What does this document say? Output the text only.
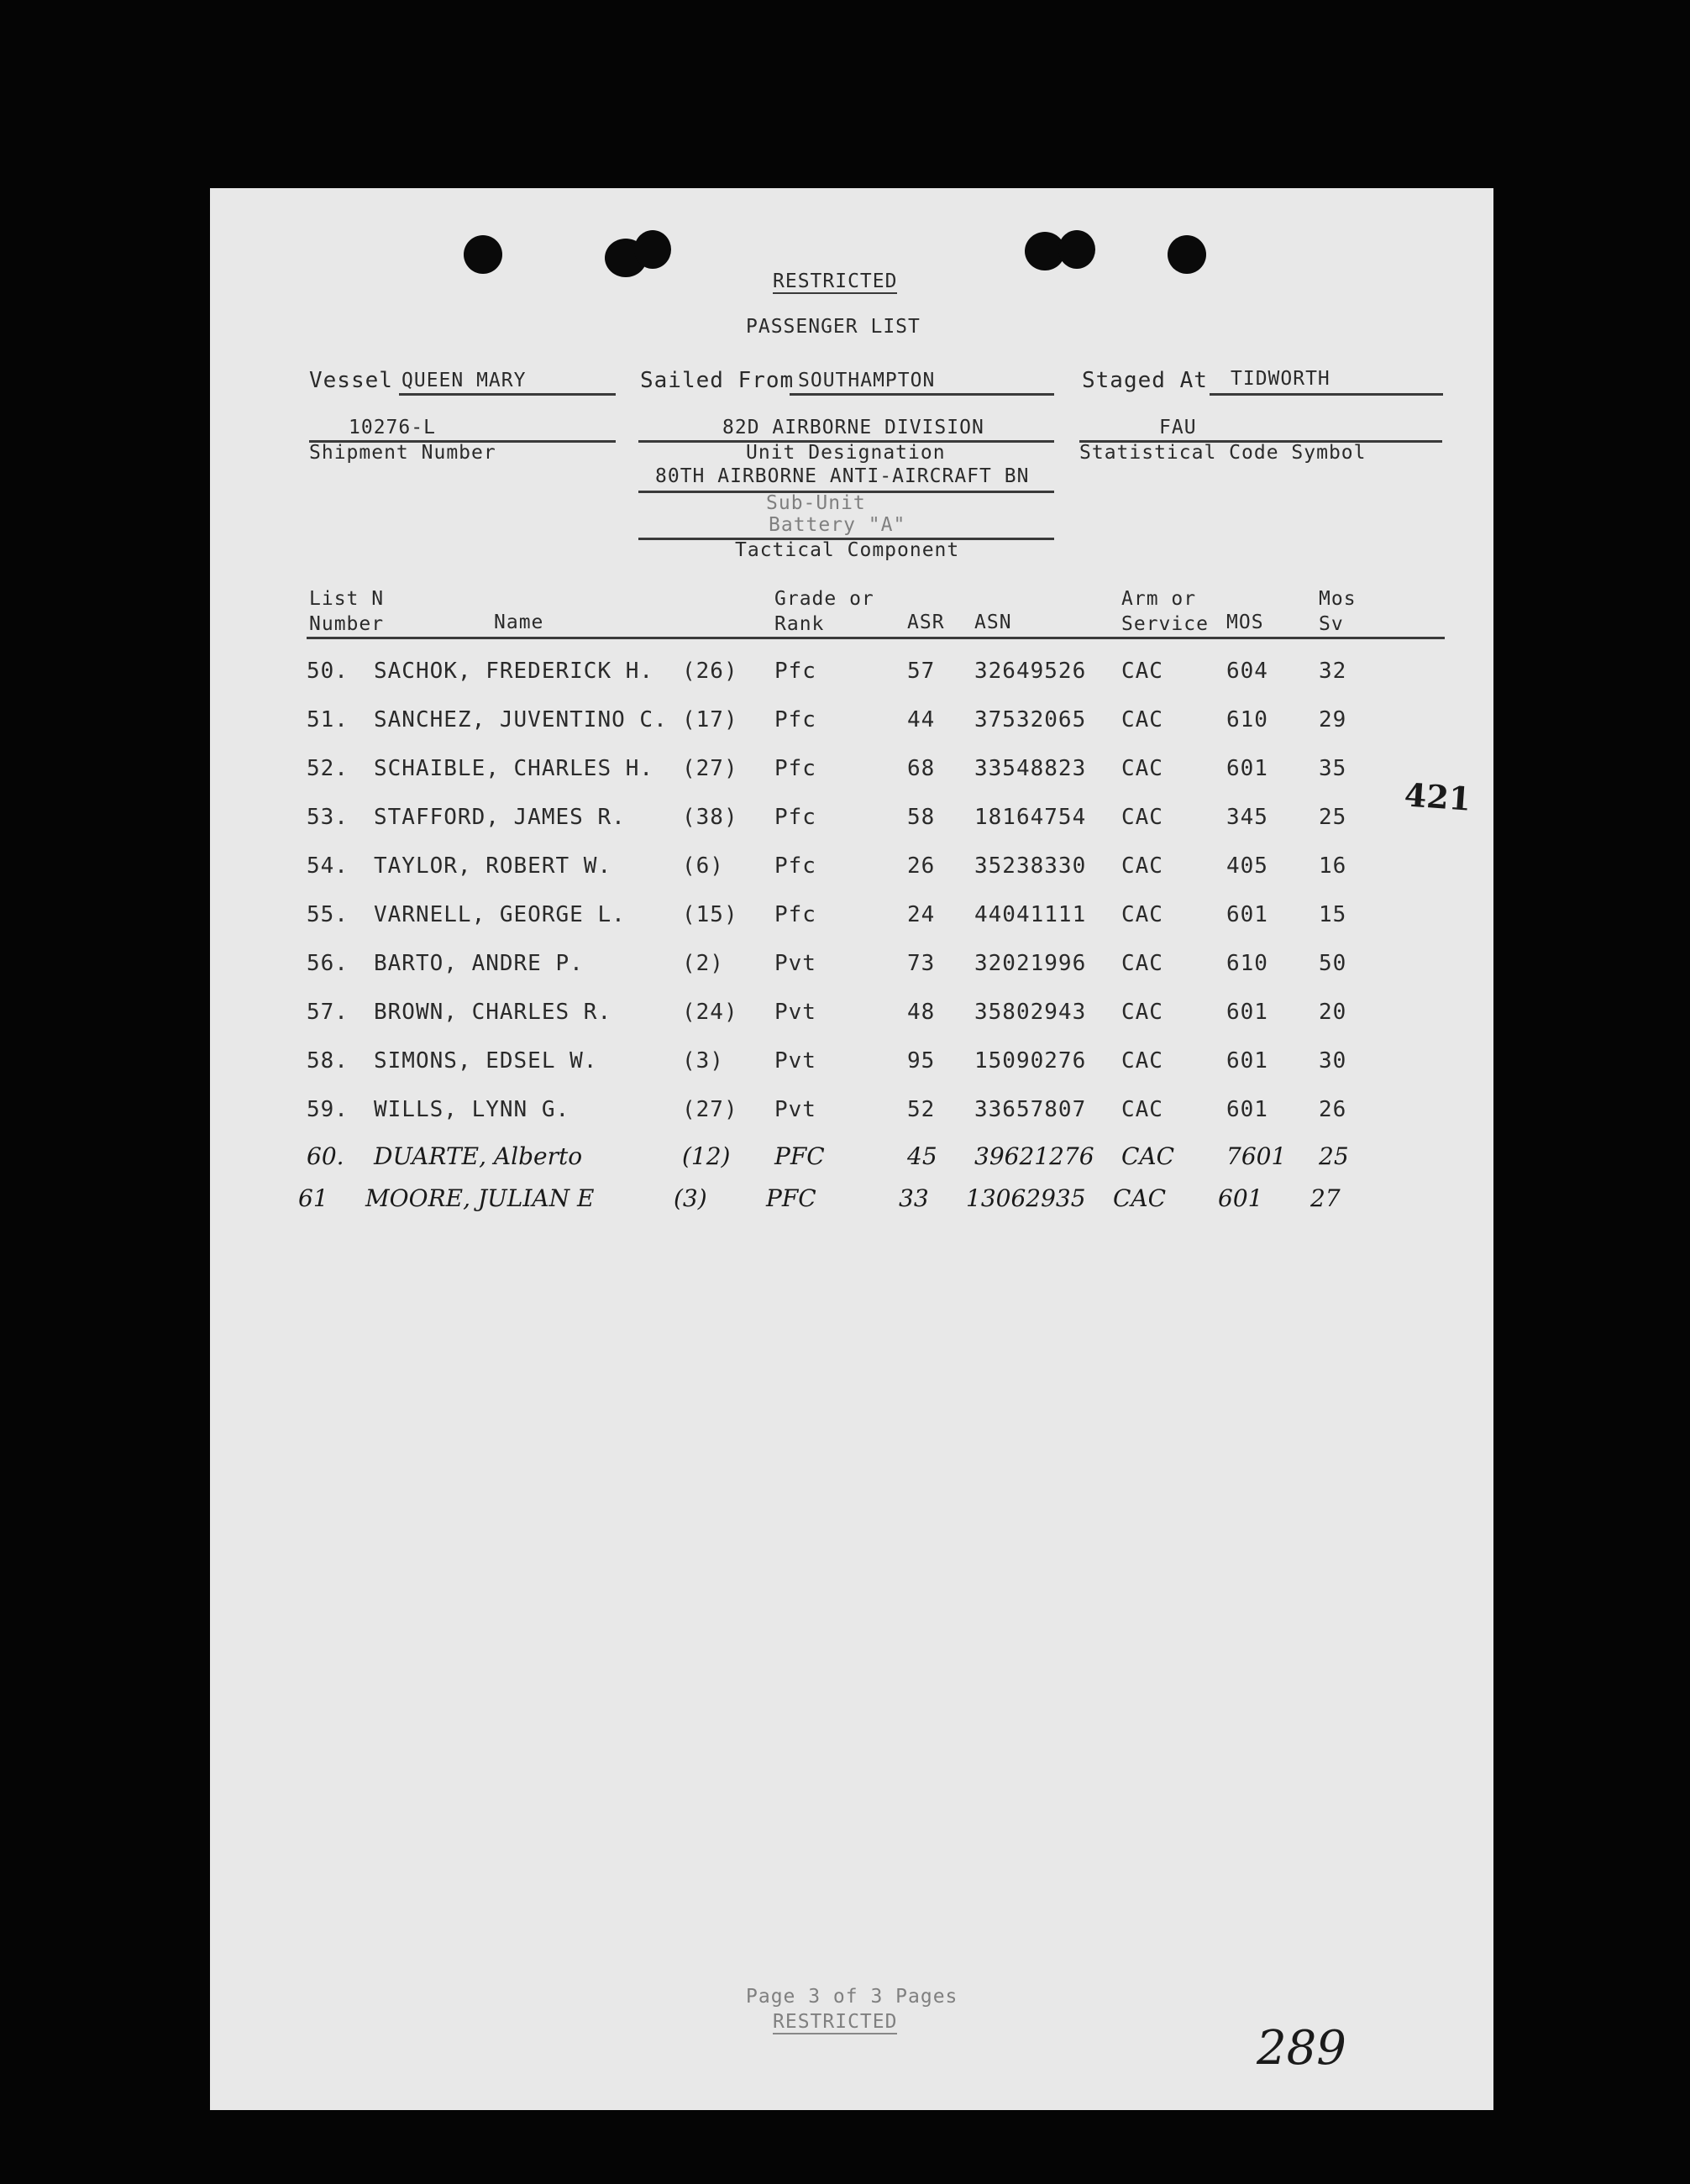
RESTRICTED
PASSENGER LIST
Vessel QUEEN MARY	Sailed From SOUTHAMPTON	Staged At TIDWORTH
10276-L
Shipment Number
82D AIRBORNE DIVISION
Unit Designation
80TH AIRBORNE ANTI-AIRCRAFT BN
Sub-Unit
Battery "A"
Tactical Component
FAU
Statistical Code Symbol
List N
Number	Name
Grade or
Rank	ASR ASN
Arm or
Service MOS
Mos
Sv
50. SACHOK, FREDERICK H. (26) Pfc	57 32649526 CAC	604 32
51. SANCHEZ, JUVENTINO C. (17) Pfc	44 37532065 CAC	610 29
52. SCHAIBLE, CHARLES H. (27) Pfc	68 33548823 CAC	601 35
53. STAFFORD, JAMES R.	(38) Pfc	58 18164754 CAC	345 25
54. TAYLOR, ROBERT W.	(6) Pfc	26 35238330 CAC	405 16
55. VARNELL, GEORGE L.	(15) Pfc	24 44041111 CAC	601 15
56. BARTO, ANDRE P.	(2) Pvt	73 32021996 CAC	610 50
57. BROWN, CHARLES R.	(24) Pvt	48 35802943 CAC	601 20
58. SIMONS, EDSEL W.	(3) Pvt	95 15090276 CAC	601 30
59. WILLS, LYNN G.	(27) Pvt	52 33657807 CAC	601 26
60. DUARTE, Alberto	(12) PFC	45 39621276 CAC 7601 25
61 MOORE, JULIAN E	(3)	PFC	33 13062935 CAC 601 27
421
Page 3 of 3 Pages
RESTRICTED	289
